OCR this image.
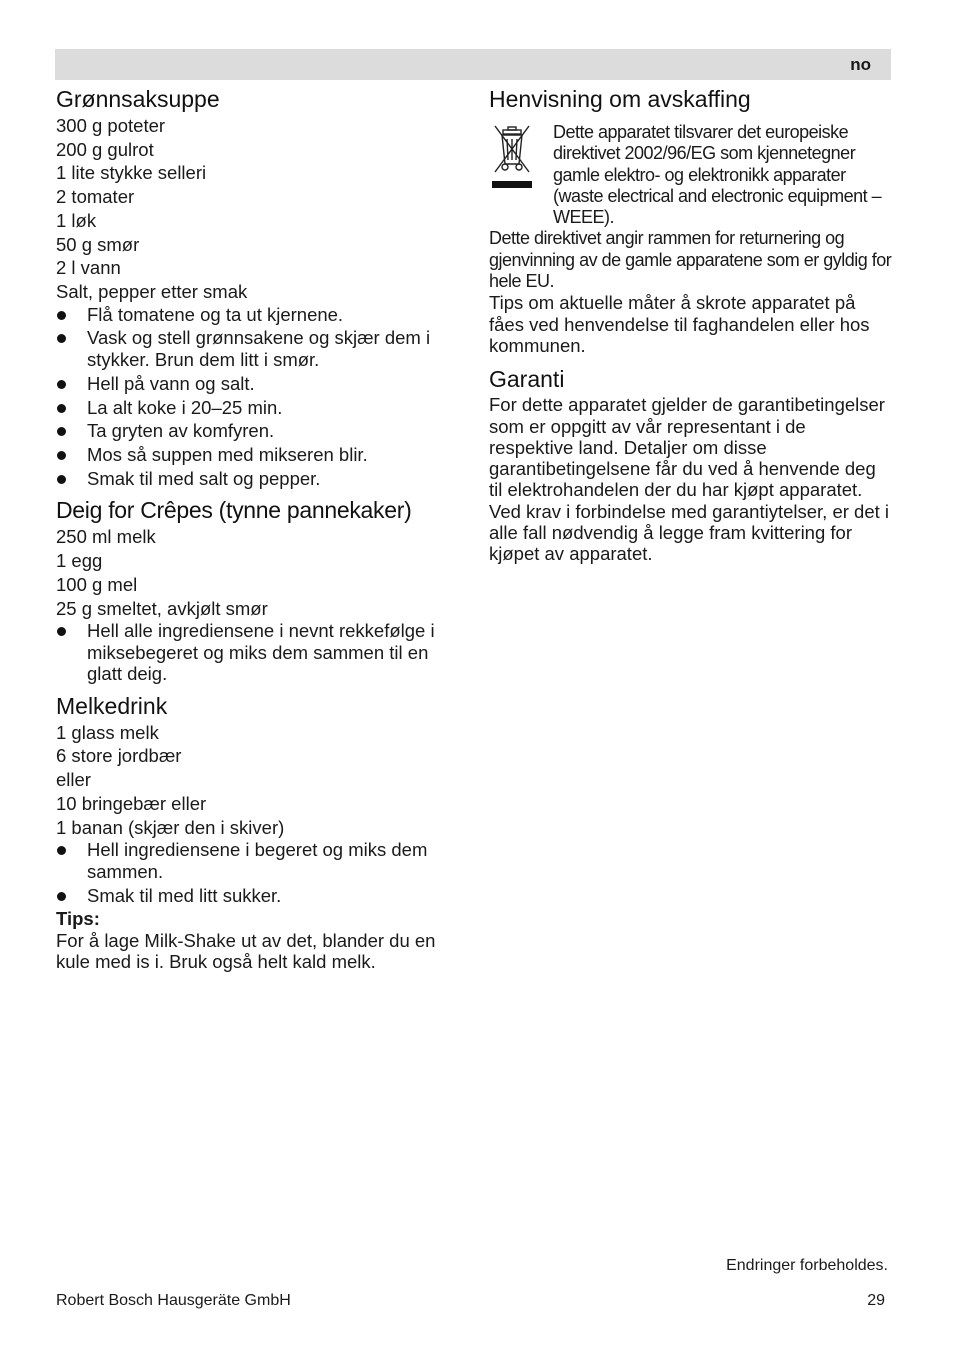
no
Grønnsaksuppe
300 g poteter
200 g gulrot
1 lite stykke selleri
2 tomater
1 løk
50 g smør
2 l vann
Salt, pepper etter smak
Flå tomatene og ta ut kjernene.
Vask og stell grønnsakene og skjær dem i stykker. Brun dem litt i smør.
Hell på vann og salt.
La alt koke i 20–25 min.
Ta gryten av komfyren.
Mos så suppen med mikseren blir.
Smak til med salt og pepper.
Deig for Crêpes (tynne pannekaker)
250 ml melk
1 egg
100 g mel
25 g smeltet, avkjølt smør
Hell alle ingrediensene i nevnt rekkefølge i miksebegeret og miks dem sammen til en glatt deig.
Melkedrink
1 glass melk
6 store jordbær
eller
10 bringebær eller
1 banan (skjær den i skiver)
Hell ingrediensene i begeret og miks dem sammen.
Smak til med litt sukker.
Tips:
For å lage Milk-Shake ut av det, blander du en kule med is i. Bruk også helt kald melk.
Henvisning om avskaffing
Dette apparatet tilsvarer det europeiske direktivet 2002/96/EG som kjennetegner gamle elektro- og elektronikk apparater (waste electrical and electronic equipment – WEEE).
Dette direktivet angir rammen for returnering og gjenvinning av de gamle apparatene som er gyldig for hele EU.
Tips om aktuelle måter å skrote apparatet på fåes ved henvendelse til faghandelen eller hos kommunen.
Garanti
For dette apparatet gjelder de garantibetingelser som er oppgitt av vår representant i de respektive land. Detaljer om disse garantibetingelsene får du ved å henvende deg til elektrohandelen der du har kjøpt apparatet. Ved krav i forbindelse med garantiytelser, er det i alle fall nødvendig å legge fram kvittering for kjøpet av apparatet.
Endringer forbeholdes.
Robert Bosch Hausgeräte GmbH	29
